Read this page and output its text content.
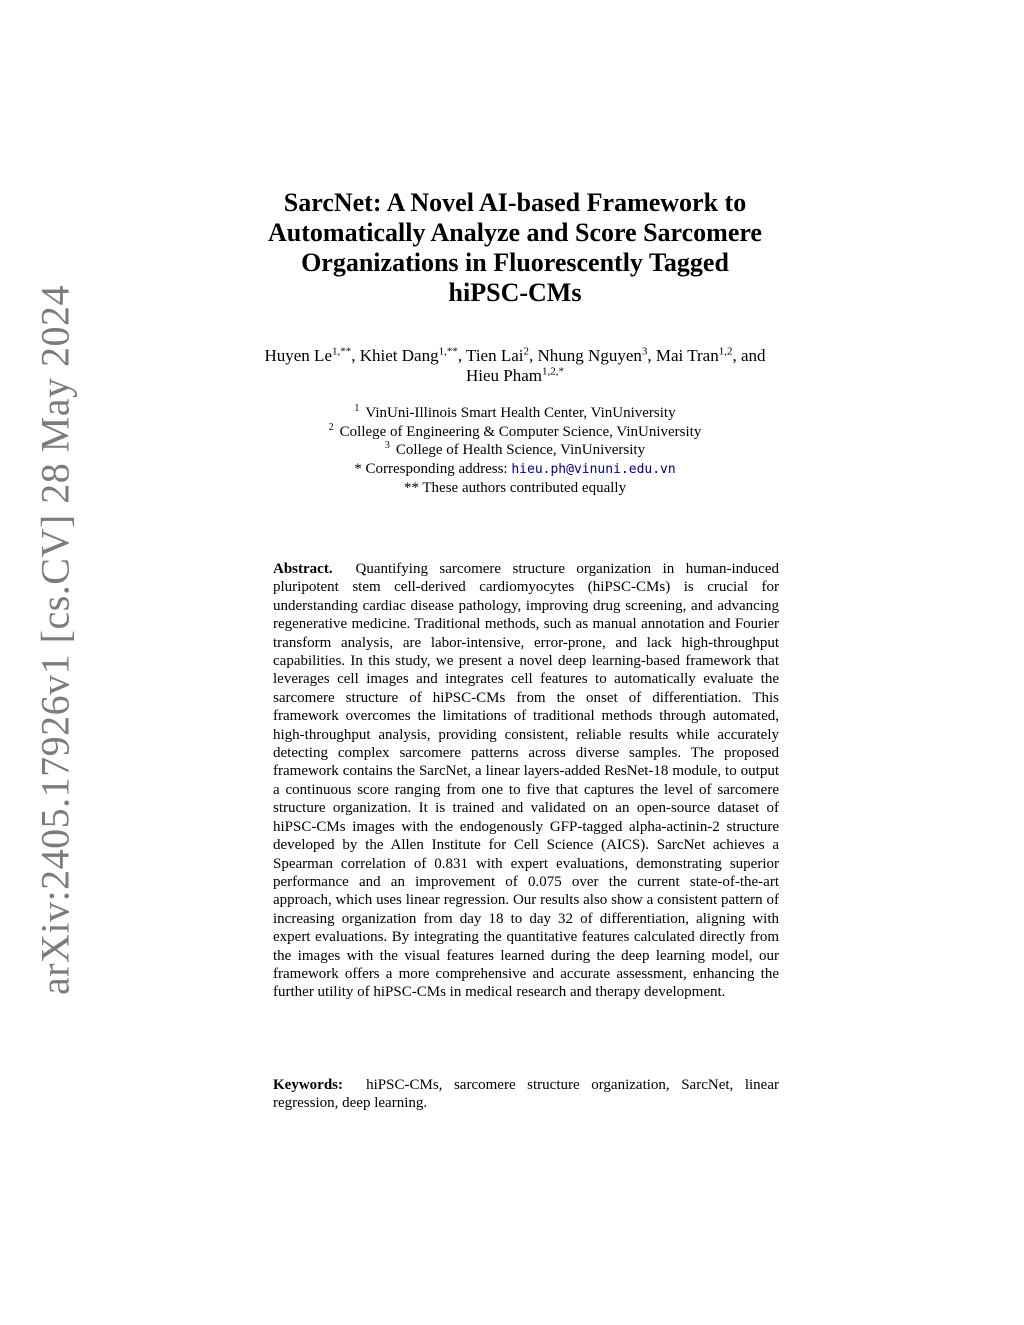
arXiv:2405.17926v1 [cs.CV] 28 May 2024
SarcNet: A Novel AI-based Framework to
Automatically Analyze and Score Sarcomere
Organizations in Fluorescently Tagged
hiPSC-CMs
Huyen $Le^{1,**}$, Khiet Dang$^{1,**}$, Tien Lai$^2$, Nhung Nguyen$^3$, Mai Tran$^{1,2}$, and
Hieu Pham$^{1,2,*}$
$^1$ VinUni-Illinois Smart Health Center, VinUniversity
$^2$ College of Engineering & Computer Science, VinUniversity
$^3$ College of Health Science, VinUniversity
* Corresponding address: hieu.ph@vinuni.edu.vn
** These authors contributed equally
Abstract.  Quantifying sarcomere structure organization in human-induced pluripotent stem cell-derived cardiomyocytes (hiPSC-CMs) is crucial for understanding cardiac disease pathology, improving drug screening, and advancing regenerative medicine. Traditional methods, such as manual annotation and Fourier transform analysis, are labor-intensive, error-prone, and lack high-throughput capabilities. In this study, we present a novel deep learning-based framework that leverages cell images and integrates cell features to automatically evaluate the sarcomere structure of hiPSC-CMs from the onset of differentiation. This framework overcomes the limitations of traditional methods through automated, high-throughput analysis, providing consistent, reliable results while accurately detecting complex sarcomere patterns across diverse samples. The proposed framework contains the SarcNet, a linear layers-added ResNet-18 module, to output a continuous score ranging from one to five that captures the level of sarcomere structure organization. It is trained and validated on an open-source dataset of hiPSC-CMs images with the endogenously GFP-tagged alpha-actinin-2 structure developed by the Allen Institute for Cell Science (AICS). SarcNet achieves a Spearman correlation of 0.831 with expert evaluations, demonstrating superior performance and an improvement of 0.075 over the current state-of-the-art approach, which uses linear regression. Our results also show a consistent pattern of increasing organization from day 18 to day 32 of differentiation, aligning with expert evaluations. By integrating the quantitative features calculated directly from the images with the visual features learned during the deep learning model, our framework offers a more comprehensive and accurate assessment, enhancing the further utility of hiPSC-CMs in medical research and therapy development.
Keywords:  hiPSC-CMs, sarcomere structure organization, SarcNet, linear regression, deep learning.
